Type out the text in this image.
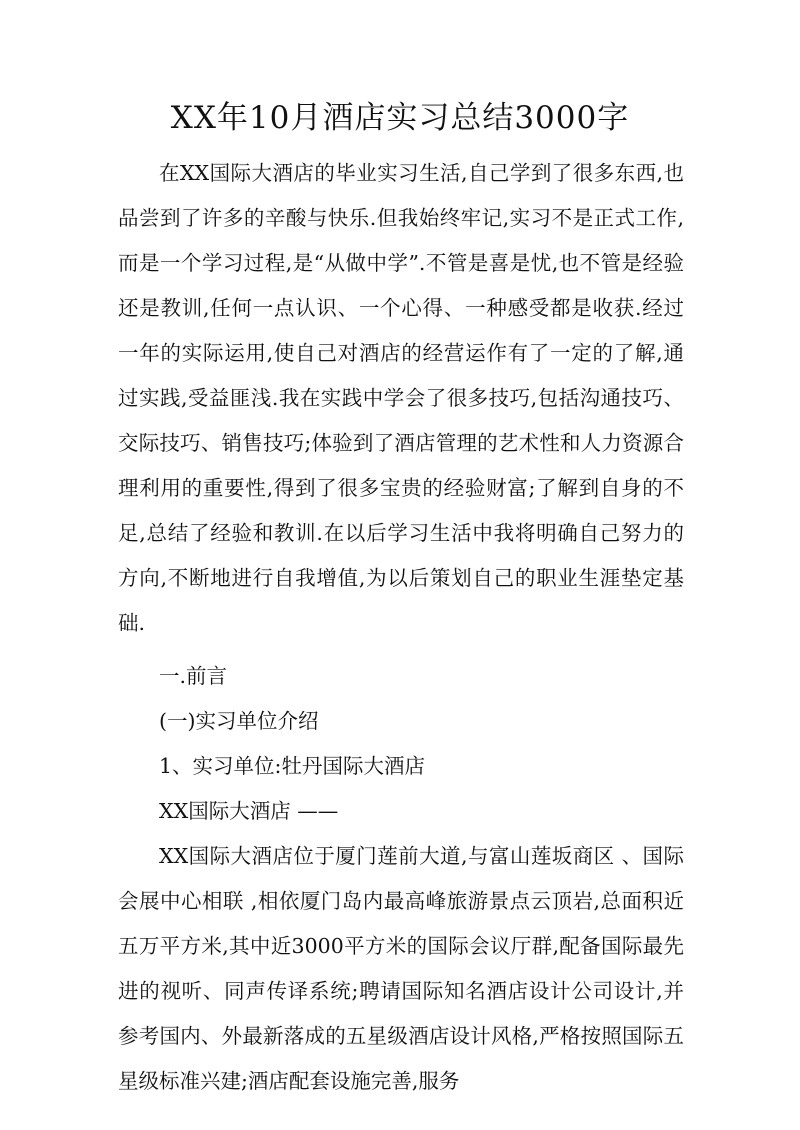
XX年10月酒店实习总结3000字

在XX国际大酒店的毕业实习生活,自己学到了很多东西,也品尝到了许多的辛酸与快乐.但我始终牢记,实习不是正式工作,而是一个学习过程,是“从做中学”.不管是喜是忧,也不管是经验还是教训,任何一点认识、一个心得、一种感受都是收获.经过一年的实际运用,使自己对酒店的经营运作有了一定的了解,通过实践,受益匪浅.我在实践中学会了很多技巧,包括沟通技巧、交际技巧、销售技巧;体验到了酒店管理的艺术性和人力资源合理利用的重要性,得到了很多宝贵的经验财富;了解到自身的不足,总结了经验和教训.在以后学习生活中我将明确自己努力的方向,不断地进行自我增值,为以后策划自己的职业生涯垫定基础.

一.前言

(一)实习单位介绍

1、实习单位:牡丹国际大酒店

XX国际大酒店 ——

XX国际大酒店位于厦门莲前大道,与富山莲坂商区 、国际会展中心相联 ,相依厦门岛内最高峰旅游景点云顶岩,总面积近五万平方米,其中近3000平方米的国际会议厅群,配备国际最先进的视听、同声传译系统;聘请国际知名酒店设计公司设计,并参考国内、外最新落成的五星级酒店设计风格,严格按照国际五星级标准兴建;酒店配套设施完善,服务
